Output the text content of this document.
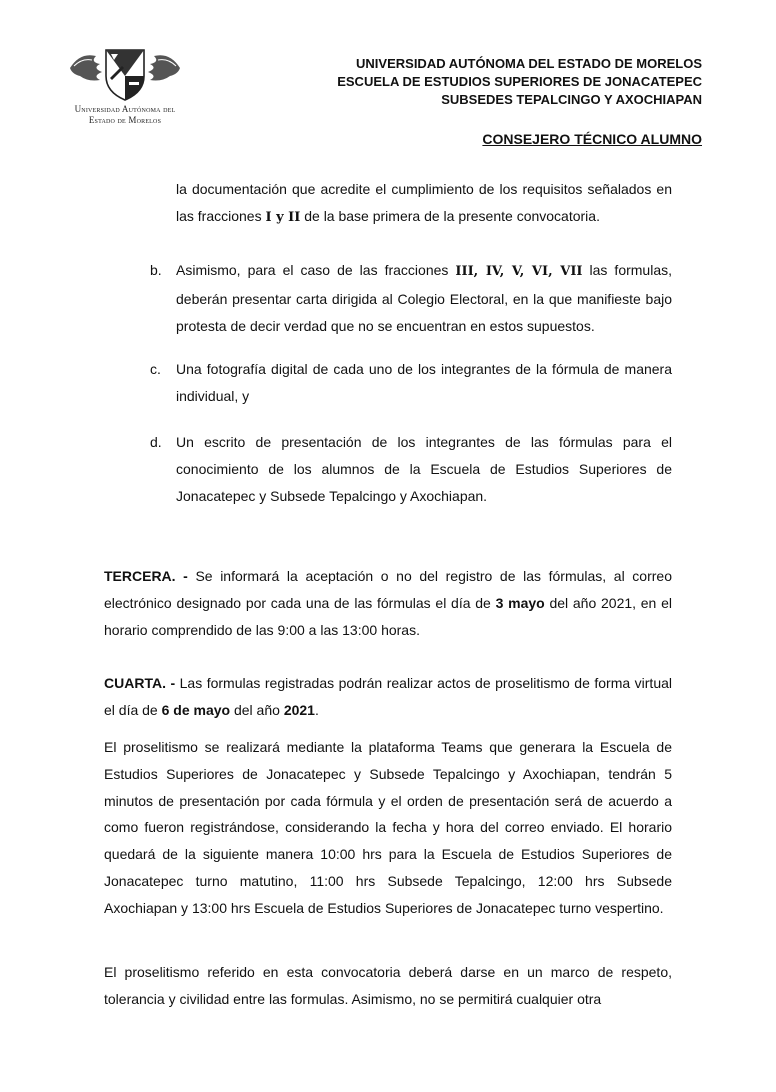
Universidad Autónoma del
Estado de Morelos
UNIVERSIDAD AUTÓNOMA DEL ESTADO DE MORELOS
ESCUELA DE ESTUDIOS SUPERIORES DE JONACATEPEC
SUBSEDES TEPALCINGO Y AXOCHIAPAN
CONSEJERO TÉCNICO ALUMNO
la documentación que acredite el cumplimiento de los requisitos señalados en las fracciones I y II de la base primera de la presente convocatoria.
b. Asimismo, para el caso de las fracciones III, IV, V, VI, VII las formulas, deberán presentar carta dirigida al Colegio Electoral, en la que manifieste bajo protesta de decir verdad que no se encuentran en estos supuestos.
c. Una fotografía digital de cada uno de los integrantes de la fórmula de manera individual, y
d. Un escrito de presentación de los integrantes de las fórmulas para el conocimiento de los alumnos de la Escuela de Estudios Superiores de Jonacatepec y Subsede Tepalcingo y Axochiapan.
TERCERA. - Se informará la aceptación o no del registro de las fórmulas, al correo electrónico designado por cada una de las fórmulas el día de 3 mayo del año 2021, en el horario comprendido de las 9:00 a las 13:00 horas.
CUARTA. - Las formulas registradas podrán realizar actos de proselitismo de forma virtual el día de 6 de mayo del año 2021.
El proselitismo se realizará mediante la plataforma Teams que generara la Escuela de Estudios Superiores de Jonacatepec y Subsede Tepalcingo y Axochiapan, tendrán 5 minutos de presentación por cada fórmula y el orden de presentación será de acuerdo a como fueron registrándose, considerando la fecha y hora del correo enviado. El horario quedará de la siguiente manera 10:00 hrs para la Escuela de Estudios Superiores de Jonacatepec turno matutino, 11:00 hrs Subsede Tepalcingo, 12:00 hrs Subsede Axochiapan y 13:00 hrs Escuela de Estudios Superiores de Jonacatepec turno vespertino.
El proselitismo referido en esta convocatoria deberá darse en un marco de respeto, tolerancia y civilidad entre las formulas. Asimismo, no se permitirá cualquier otra
